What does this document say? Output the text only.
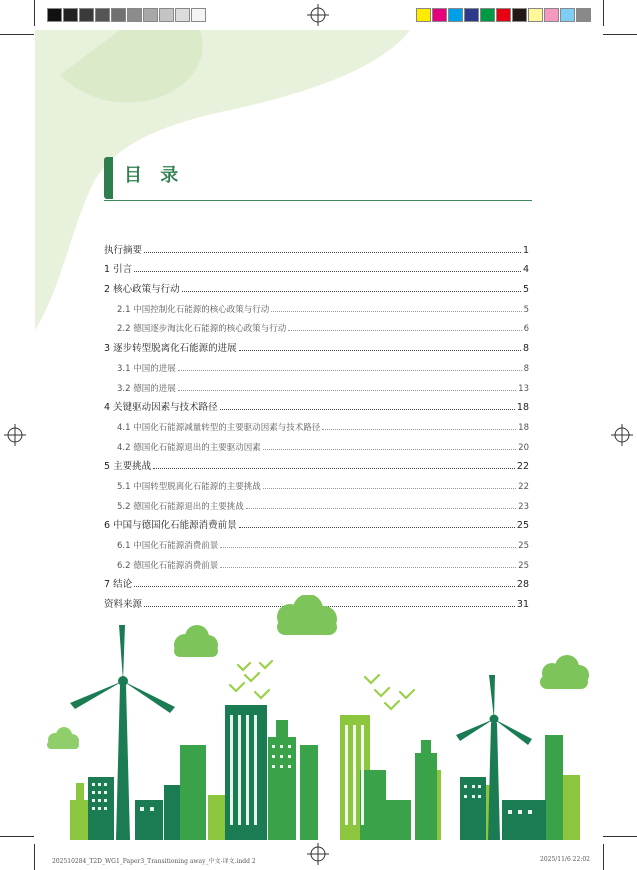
目 录
执行摘要	1
1 引言	4
2 核心政策与行动	5
2.1 中国控制化石能源的核心政策与行动	5
2.2 德国逐步淘汰化石能源的核心政策与行动	6
3 逐步转型脱离化石能源的进展	8
3.1 中国的进展	8
3.2 德国的进展	13
4 关键驱动因素与技术路径	18
4.1 中国化石能源减量转型的主要驱动因素与技术路径	18
4.2 德国化石能源退出的主要驱动因素	20
5 主要挑战	22
5.1 中国转型脱离化石能源的主要挑战	22
5.2 德国化石能源退出的主要挑战	23
6 中国与德国化石能源消费前景	25
6.1 中国化石能源消费前景	25
6.2 德国化石能源消费前景	25
7 结论	28
资料来源	31
202510284_T2D_WG1_Paper3_Transitioning away_中文-译文.indd 2	2025/11/6 22:02
